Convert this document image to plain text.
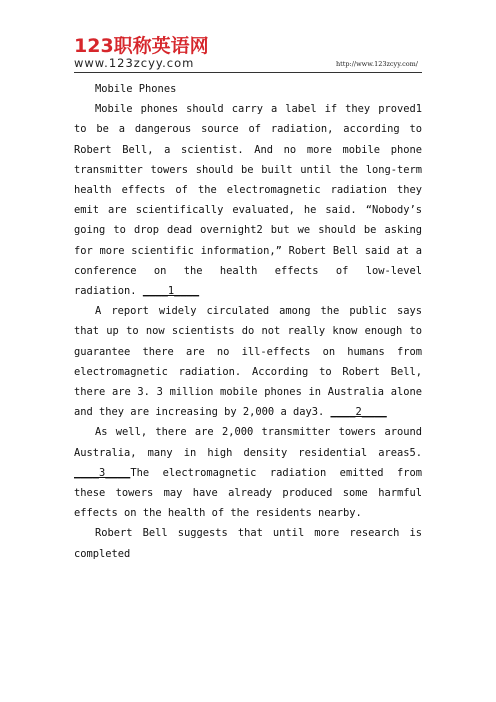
123职称英语网
www.123zcyy.com	http://www.123zcyy.com/

Mobile Phones

Mobile phones should carry a label if they proved1 to be a dangerous source of radiation, according to Robert Bell, a scientist. And no more mobile phone transmitter towers should be built until the long-term health effects of the electromagnetic radiation they emit are scientifically evaluated, he said. “Nobody’s going to drop dead overnight2 but we should be asking for more scientific information,” Robert Bell said at a conference on the health effects of low-level radiation. ____1____

A report widely circulated among the public says that up to now scientists do not really know enough to guarantee there are no ill-effects on humans from electromagnetic radiation. According to Robert Bell, there are 3. 3 million mobile phones in Australia alone and they are increasing by 2,000 a day3. ____2____

As well, there are 2,000 transmitter towers around Australia, many in high density residential areas5. ____3____The electromagnetic radiation emitted from these towers may have already produced some harmful effects on the health of the residents nearby.

Robert Bell suggests that until more research is completed
